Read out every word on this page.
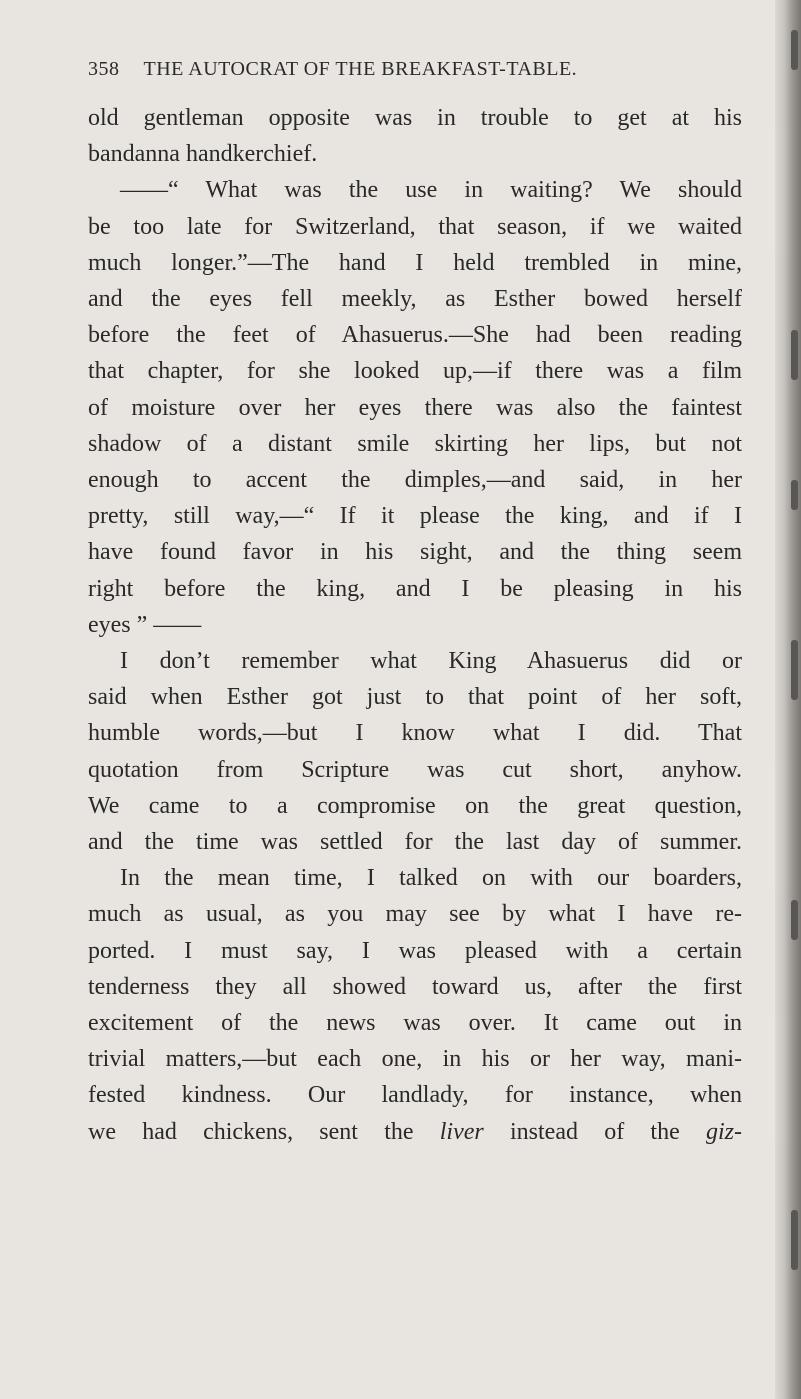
358 THE AUTOCRAT OF THE BREAKFAST-TABLE.
old gentleman opposite was in trouble to get at his
bandanna handkerchief.
——“ What was the use in waiting? We should
be too late for Switzerland, that season, if we waited
much longer.”—The hand I held trembled in mine,
and the eyes fell meekly, as Esther bowed herself
before the feet of Ahasuerus.—She had been reading
that chapter, for she looked up,—if there was a film
of moisture over her eyes there was also the faintest
shadow of a distant smile skirting her lips, but not
enough to accent the dimples,—and said, in her
pretty, still way,—“ If it please the king, and if I
have found favor in his sight, and the thing seem
right before the king, and I be pleasing in his
eyes ” ——
I don’t remember what King Ahasuerus did or
said when Esther got just to that point of her soft,
humble words,—but I know what I did. That
quotation from Scripture was cut short, anyhow.
We came to a compromise on the great question,
and the time was settled for the last day of summer.
In the mean time, I talked on with our boarders,
much as usual, as you may see by what I have re-
ported. I must say, I was pleased with a certain
tenderness they all showed toward us, after the first
excitement of the news was over. It came out in
trivial matters,—but each one, in his or her way, mani-
fested kindness. Our landlady, for instance, when
we had chickens, sent the liver instead of the giz-
